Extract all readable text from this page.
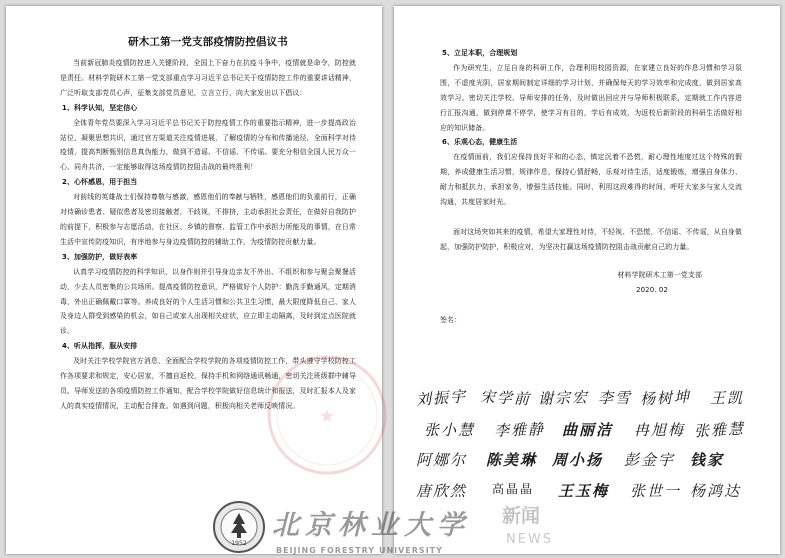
研木工第一党支部疫情防控倡议书

当前新冠肺炎疫情防控进入关键阶段，全国上下奋力在抗疫斗争中，疫情就是命令，防控就是责任。材料学院研木工第一党支部重点学习习近平总书记关于疫情防控工作的重要讲话精神，广泛听取支部党员心声，征集支部党员意见，立言立行，向大家发出以下倡议：

1、科学认知，坚定信心

全体青年党员要深入学习习近平总书记关于防控疫情工作的重要指示精神，进一步提高政治站位，凝聚思想共识，通过官方渠道关注疫情进展，了解疫情的分布和传播途径，全面科学对待疫情，提高判断甄别信息真伪能力，做到不造谣、不信谣、不传谣。要充分相信全国人民万众一心、同舟共济，一定能够取得这场疫情防控阻击战的最终胜利！

2、心怀感恩，用于担当

对前线的英雄战士们保持尊敬与感激，感恩他们的奉献与牺牲，感恩他们的负重前行，正确对待确诊患者、疑似患者及密切接触者，不歧视，不排挤，主动承担社会责任，在做好自我防护的前提下，积极参与志愿活动，在社区、乡镇的督察、监管工作中承担力所能及的事情，在日常生活中宣传防疫知识，有序地参与身边疫情防控的辅助工作，为疫情防控贡献力量。

3、加强防护，做好表率

认真学习疫情防控的科学知识，以身作则并引导身边亲友不外出、不组织和参与聚会聚餐活动，少去人员密集的公共场所。提高疫情防控意识，严格做好个人防护：勤洗手勤通风，定期消毒，外出正确佩戴口罩等。养成良好的个人生活习惯和公共卫生习惯，最大限度降低自己、家人及身边人群受到感染的机会，如自己或家人出现相关症状，应立即主动隔离，及时到定点医院就诊。

4、听从指挥，服从安排

及时关注学校学院官方消息，全面配合学校学院的各项疫情防控工作，带头遵守学校防控工作各项要求和规定，安心居家，不擅自返校，保持手机和网络通讯畅通，密切关注班级群中辅导员、导师发送的各项疫情防控工作通知，配合学校学院做好信息统计和报送，及时汇报本人及家人的真实疫情情况，主动配合排查。如遇到问题，积极向相关老师反映情况。

5、立足本职，合理规划

作为研究生，立足自身的科研工作，合理利用校园资源，在家建立良好的作息习惯和学习氛围，不虚度光阴，居家期间制定详细的学习计划，并确保每天的学习效率和完成度，做到居家高效学习。密切关注学校、导师安排的任务，及时做出回应并与导师积极联系，定期就工作内容进行汇报沟通，做到停课不停学，使学习有目的，学后有成效，为返校后新阶段的科研生活做好相应的知识储备。

6、乐观心态，健康生活

在疫情面前，我们应保持良好平和的心态，镇定沉着不恐慌，耐心理性地度过这个特殊的假期，养成健康生活习惯，规律作息，保持心情舒畅，乐观对待生活，适度锻炼，增强自身体力、耐力和抵抗力，承担家务，增强生活技能。同时，利用这段难得的时间，呼吁大家多与家人交流沟通，共度居家时光。

面对这场突如其来的疫情，希望大家理性对待，不轻视、不恐慌、不信谣、不传谣，从自身做起，加强防护防护，积极应对，为坚决打赢这场疫情防控阻击战贡献自己的力量。

材料学院研木工第一党支部
2020. 02
签名：
刘振宇 宋学前 谢宗宏 李雪 杨树坤 王凯
张小慧 李雅静 曲丽洁 冉旭梅 张雅慧
阿娜尔 陈美琳 周小扬 彭金宇 钱家
唐欣然 高晶晶 王玉梅 张世一 杨鸿达
★
1952
北京林业大学
BEIJING FORESTRY UNIVERSITY
新闻
NEWS
